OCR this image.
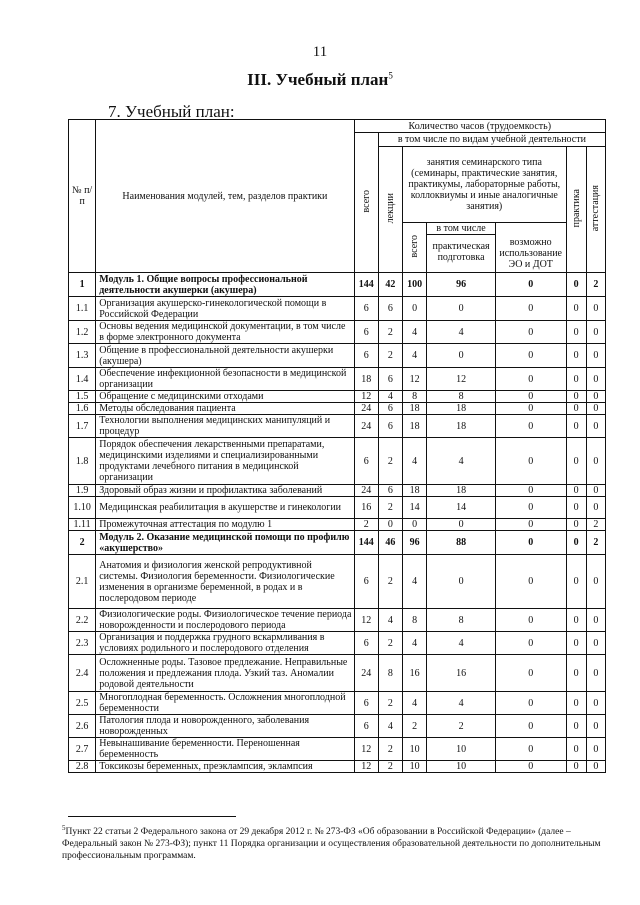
11
III. Учебный план$^5$
7. Учебный план:
№ п/п	Наименования модулей, тем, разделов практики	Количество часов (трудоемкость)						
		всего	в том числе по видам учебной деятельности					
			лекции	занятия семинарского типа (семинары, практические занятия, практикумы, лабораторные работы, коллоквиумы и иные аналогичные занятия)			практика	аттестация
				всего	в том числе
практическая подготовка	возможно использование ЭО и ДОТ		
1	Модуль 1. Общие вопросы профессиональной деятельности акушерки (акушера)	144	42	100	96	0	0	2
1.1	Организация акушерско-гинекологической помощи в Российской Федерации	6	6	0	0	0	0	0
1.2	Основы ведения медицинской документации, в том числе в форме электронного документа	6	2	4	4	0	0	0
1.3	Общение в профессиональной деятельности акушерки (акушера)	6	2	4	0	0	0	0
1.4	Обеспечение инфекционной безопасности в медицинской организации	18	6	12	12	0	0	0
1.5	Обращение с медицинскими отходами	12	4	8	8	0	0	0
1.6	Методы обследования пациента	24	6	18	18	0	0	0
1.7	Технологии выполнения медицинских манипуляций и процедур	24	6	18	18	0	0	0
1.8	Порядок обеспечения лекарственными препаратами, медицинскими изделиями и специализированными продуктами лечебного питания в медицинской организации	6	2	4	4	0	0	0
1.9	Здоровый образ жизни и профилактика заболеваний	24	6	18	18	0	0	0
1.10	Медицинская реабилитация в акушерстве и гинекологии	16	2	14	14	0	0	0
1.11	Промежуточная аттестация по модулю 1	2	0	0	0	0	0	2
2	Модуль 2. Оказание медицинской помощи по профилю «акушерство»	144	46	96	88	0	0	2
2.1	Анатомия и физиология женской репродуктивной системы. Физиология беременности. Физиологические изменения в организме беременной, в родах и в послеродовом периоде	6	2	4	0	0	0	0
2.2	Физиологические роды. Физиологическое течение периода новорожденности и послеродового периода	12	4	8	8	0	0	0
2.3	Организация и поддержка грудного вскармливания в условиях родильного и послеродового отделения	6	2	4	4	0	0	0
2.4	Осложненные роды. Тазовое предлежание. Неправильные положения и предлежания плода. Узкий таз. Аномалии родовой деятельности	24	8	16	16	0	0	0
2.5	Многоплодная беременность. Осложнения многоплодной беременности	6	2	4	4	0	0	0
2.6	Патология плода и новорожденного, заболевания новорожденных	6	4	2	2	0	0	0
2.7	Невынашивание беременности. Переношенная беременность	12	2	10	10	0	0	0
2.8	Токсикозы беременных, преэклампсия, эклампсия	12	2	10	10	0	0	0
$^5$Пункт 22 статьи 2 Федерального закона от 29 декабря 2012 г. № 273-ФЗ «Об образовании в Российской Федерации» (далее – Федеральный закон № 273-ФЗ); пункт 11 Порядка организации и осуществления образовательной деятельности по дополнительным профессиональным программам.
